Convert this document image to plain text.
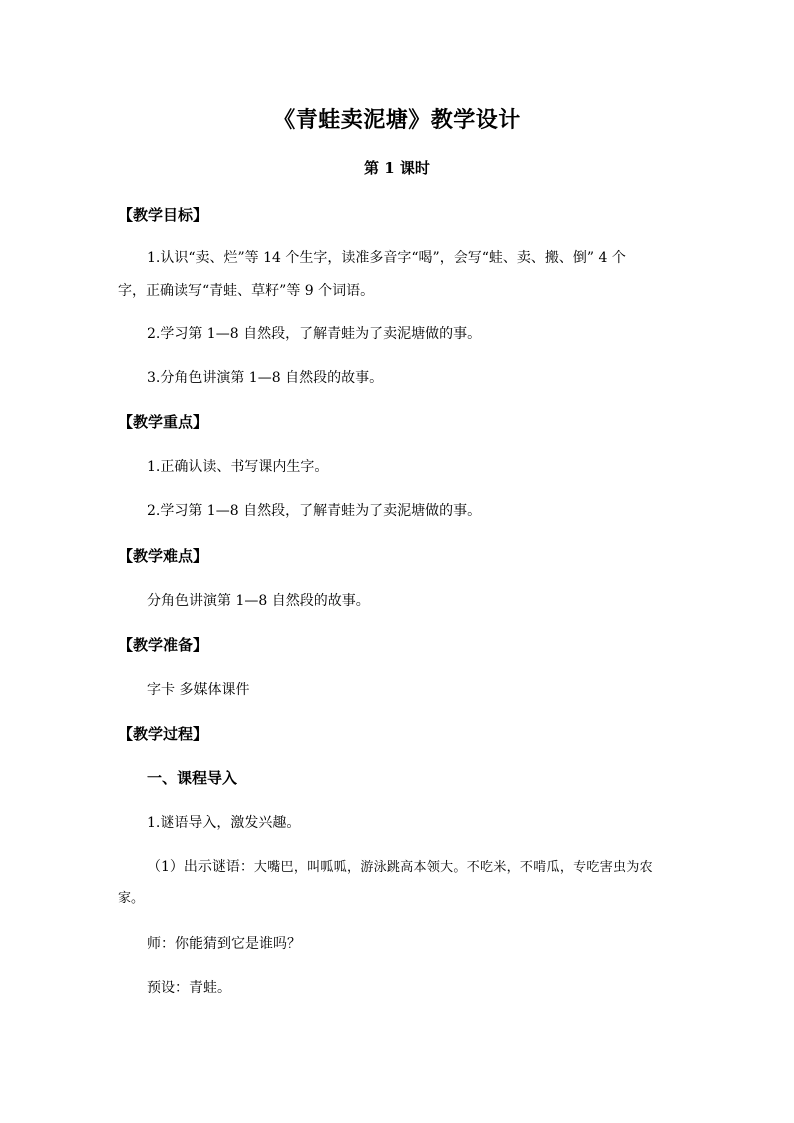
《青蛙卖泥塘》教学设计
第 1 课时
【教学目标】
1.认识“卖、烂”等 14 个生字，读准多音字“喝”，会写“蛙、卖、搬、倒” 4 个
字，正确读写“青蛙、草籽”等 9 个词语。
2.学习第 1—8 自然段，了解青蛙为了卖泥塘做的事。
3.分角色讲演第 1—8 自然段的故事。
【教学重点】
1.正确认读、书写课内生字。
2.学习第 1—8 自然段，了解青蛙为了卖泥塘做的事。
【教学难点】
分角色讲演第 1—8 自然段的故事。
【教学准备】
字卡 多媒体课件
【教学过程】
一、课程导入
1.谜语导入，激发兴趣。
（1）出示谜语：大嘴巴，叫呱呱，游泳跳高本领大。不吃米，不啃瓜，专吃害虫为农
家。
师：你能猜到它是谁吗？
预设：青蛙。
